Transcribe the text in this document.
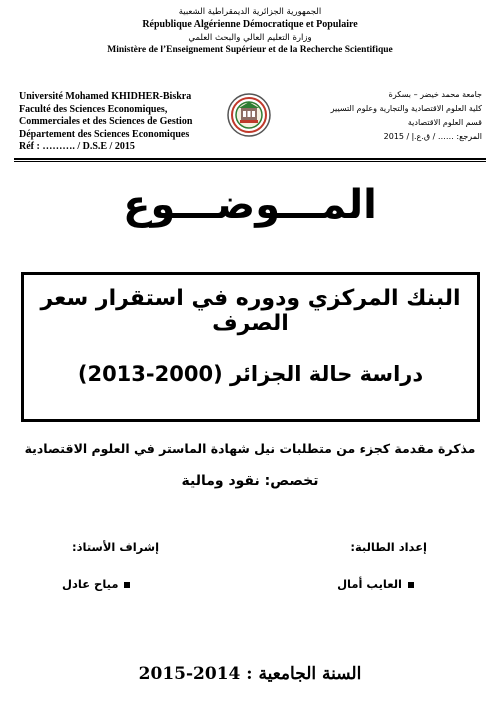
الجمهورية الجزائرية الديمقراطية الشعبية
République Algérienne Démocratique et Populaire
وزارة التعليم العالي والبحث العلمي
Ministère de l’Enseignement Supérieur et de la Recherche Scientifique
Université Mohamed KHIDHER-Biskra
Faculté des Sciences Economiques,
Commerciales et des Sciences de Gestion
Département des Sciences Economiques
Réf : ………. / D.S.E / 2015
جامعة محمد خيضر – بسكرة
كلية العلوم الاقتصادية والتجارية وعلوم التسيير
قسم العلوم الاقتصادية
المرجع: …… / ق.ع.إ / 2015
المـــوضـــوع
البنك المركزي ودوره في استقرار سعر الصرف
دراسة حالة الجزائر (2000-2013)
مذكرة مقدمة كجزء من متطلبات نيل شهادة الماستر في العلوم الاقتصادية
تخصص: نقود ومالية
إعداد الطالبة:
إشراف الأستاذ:
العايب أمال
مياح عادل
السنة الجامعية : 2014-2015
